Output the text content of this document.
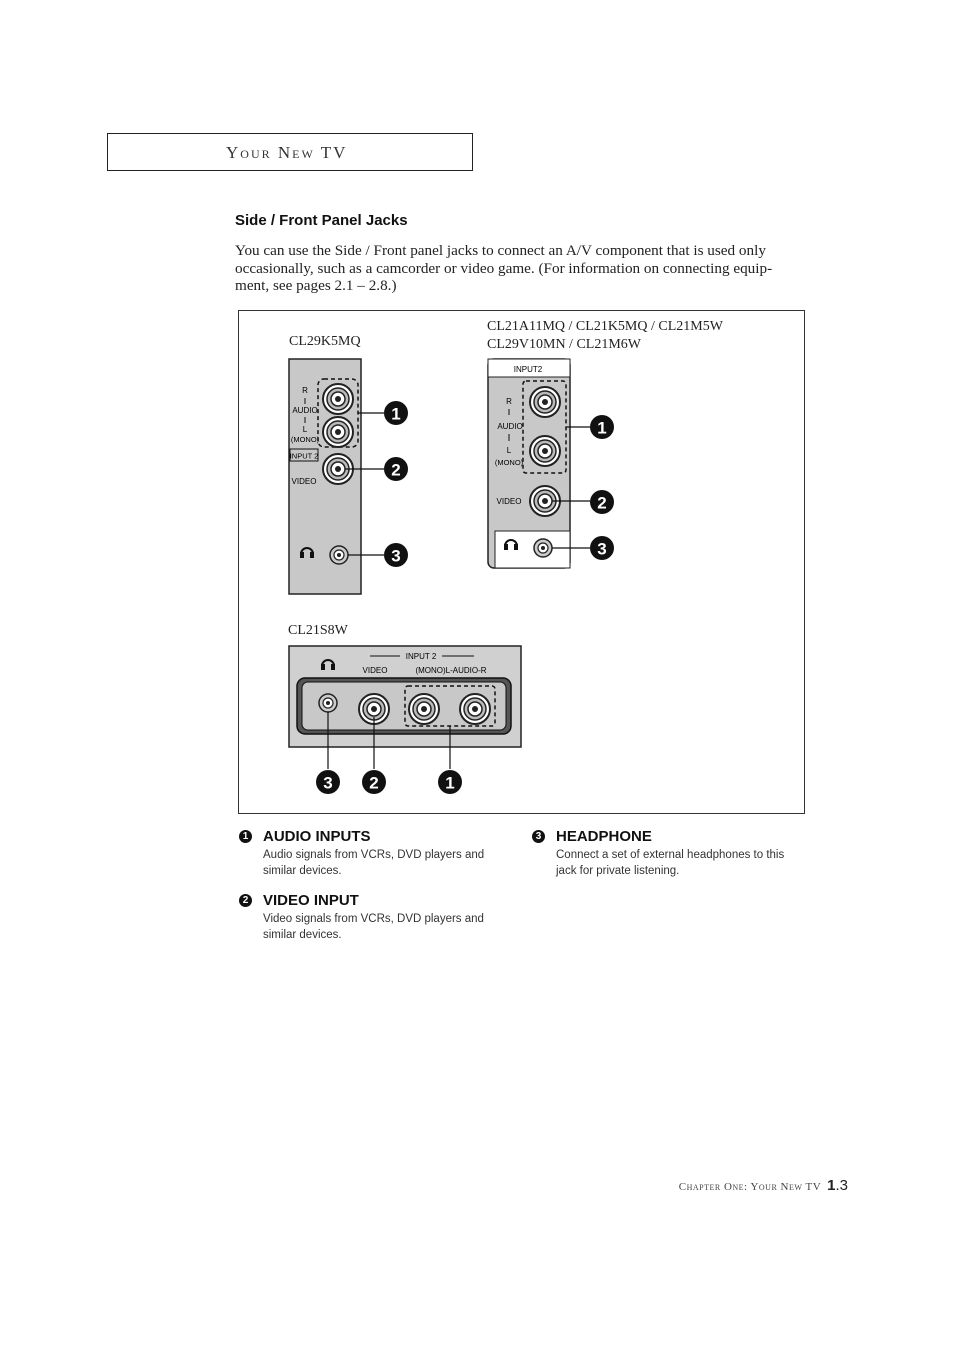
Your New TV
Side / Front Panel Jacks

You can use the Side / Front panel jacks to connect an A/V component that is used only occasionally, such as a camcorder or video game. (For information on connecting equip-ment, see pages 2.1 – 2.8.)

CL29K5MQ
CL21A11MQ / CL21K5MQ / CL21M5W
CL29V10MN / CL21M6W
CL21S8W
R
AUDIO
L
(MONO)
INPUT 2
VIDEO
1
2
3
INPUT2
R
AUDIO
L
(MONO)
VIDEO
1
2
3
INPUT 2
VIDEO	(MONO)L-AUDIO-R
3 2	1
1 AUDIO INPUTS

Audio signals from VCRs, DVD players and similar devices.

2 VIDEO INPUT

Video signals from VCRs, DVD players and similar devices.

3 HEADPHONE

Connect a set of external headphones to this jack for private listening.

Chapter One: Your New TV 1.3
